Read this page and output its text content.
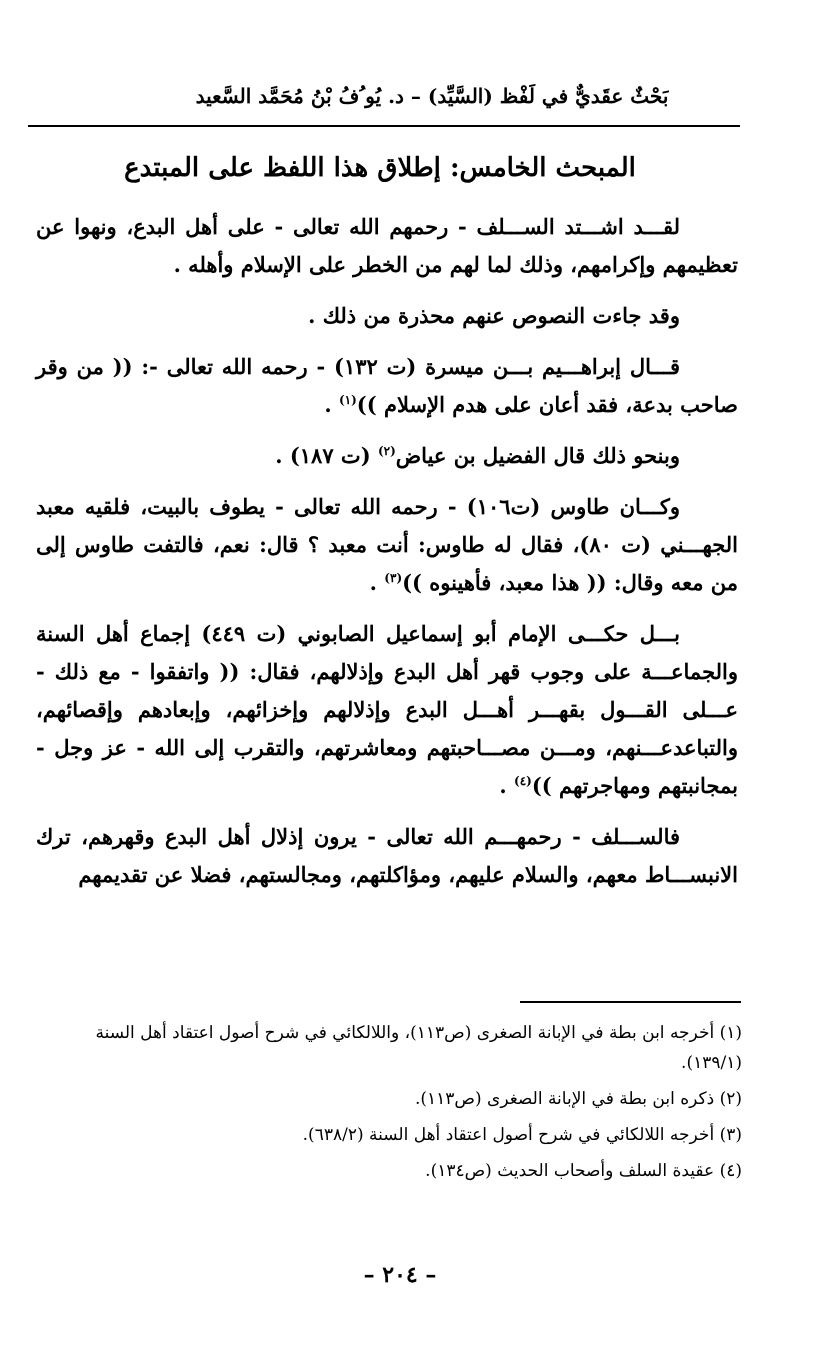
بَحْثٌ عقَديٌّ في لَفْظ (السَّيِّد) – د. يُو ُفُ بْنُ مُحَمَّد السَّعيد
المبحث الخامس: إطلاق هذا اللفظ على المبتدع

لقـــد اشـــتد الســـلف - رحمهم الله تعالى - على أهل البدع، ونهوا عن تعظيمهم وإكرامهم، وذلك لما لهم من الخطر على الإسلام وأهله .

وقد جاءت النصوص عنهم محذرة من ذلك .

قـــال إبراهـــيم بـــن ميسرة (ت ١٣٢) - رحمه الله تعالى -: (( من وقر صاحب بدعة، فقد أعان على هدم الإسلام ))$^{(١)}$ .

وبنحو ذلك قال الفضيل بن عياض$^{(٢)}$ (ت ١٨٧) .

وكـــان طاوس (ت١٠٦) - رحمه الله تعالى - يطوف بالبيت، فلقيه معبد الجهـــني (ت ٨٠)، فقال له طاوس: أنت معبد ؟ قال: نعم، فالتفت طاوس إلى من معه وقال: (( هذا معبد، فأهينوه ))$^{(٣)}$ .

بـــل حكـــى الإمام أبو إسماعيل الصابوني (ت ٤٤٩) إجماع أهل السنة والجماعـــة على وجوب قهر أهل البدع وإذلالهم، فقال: (( واتفقوا - مع ذلك - عـــلى القـــول بقهـــر أهـــل البدع وإذلالهم وإخزائهم، وإبعادهم وإقصائهم، والتباعدعـــنهم، ومـــن مصـــاحبتهم ومعاشرتهم، والتقرب إلى الله - عز وجل - بمجانبتهم ومهاجرتهم ))$^{(٤)}$ .

فالســـلف - رحمهـــم الله تعالى - يرون إذلال أهل البدع وقهرهم، ترك الانبســـاط معهم، والسلام عليهم، ومؤاكلتهم، ومجالستهم، فضلا عن تقديمهم

(١) أخرجه ابن بطة في الإبانة الصغرى (ص١١٣)، واللالكائي في شرح أصول اعتقاد أهل السنة (١٣٩/١).
(٢) ذكره ابن بطة في الإبانة الصغرى (ص١١٣).
(٣) أخرجه اللالكائي في شرح أصول اعتقاد أهل السنة (٦٣٨/٢).
(٤) عقيدة السلف وأصحاب الحديث (ص١٣٤).
– ٢٠٤ –
